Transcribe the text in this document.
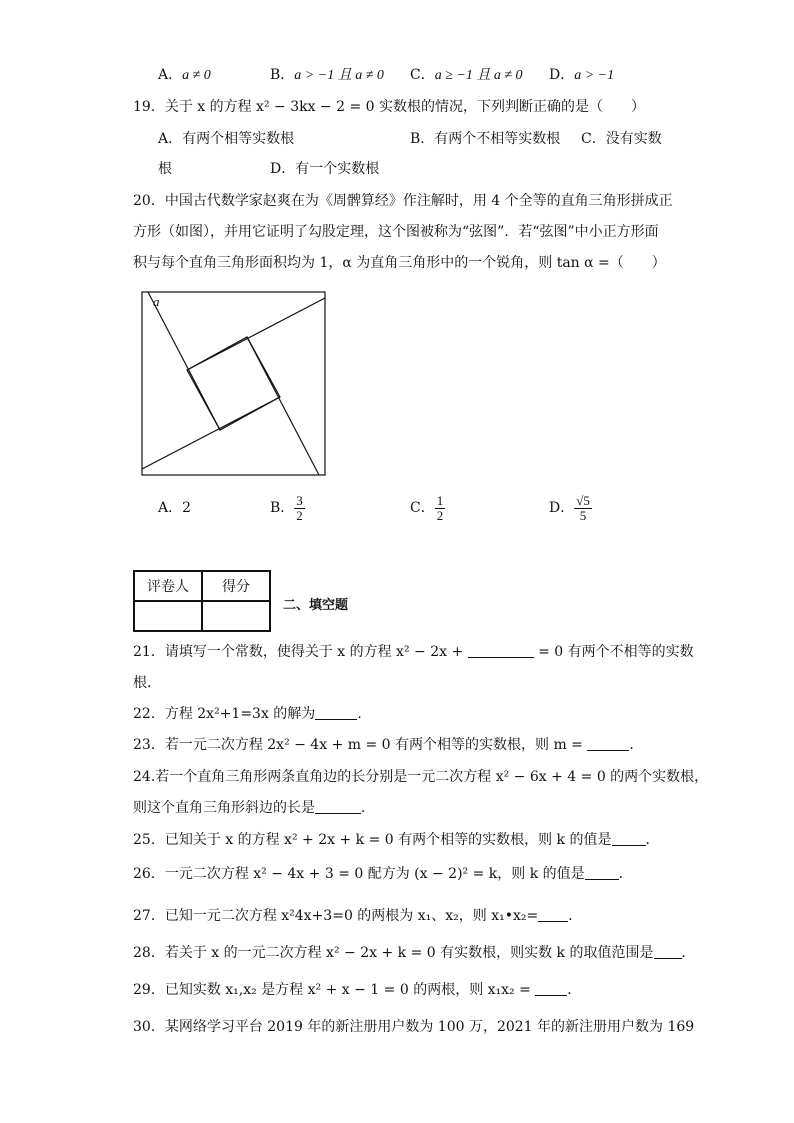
A．a ≠ 0	B．a > −1 且 a ≠ 0 C．a ≥ −1 且 a ≠ 0 D．a > −1
19．关于 x 的方程 x² − 3kx − 2 = 0 实数根的情况，下列判断正确的是（　　）
A．有两个相等实数根	B．有两个不相等实数根 C．没有实数
根	D．有一个实数根
20．中国古代数学家赵爽在为《周髀算经》作注解时，用 4 个全等的直角三角形拼成正
方形（如图），并用它证明了勾股定理，这个图被称为“弦图”．若“弦图”中小正方形面
积与每个直角三角形面积均为 1，α 为直角三角形中的一个锐角，则 tan α =（　　）
a
A．2	B． $\frac{3}{2}$	C． $\frac{1}{2}$	D． $\frac{√5}{5}$
评卷人	得分

二、填空题
21．请填写一个常数，使得关于 x 的方程 x² − 2x +	= 0 有两个不相等的实数
根．
22．方程 2x²+1=3x 的解为	．
23．若一元二次方程 2x² − 4x + m = 0 有两个相等的实数根，则 m =	．
24.若一个直角三角形两条直角边的长分别是一元二次方程 x² − 6x + 4 = 0 的两个实数根，
则这个直角三角形斜边的长是	．
25．已知关于 x 的方程 x² + 2x + k = 0 有两个相等的实数根，则 k 的值是 ．
26．一元二次方程 x² − 4x + 3 = 0 配方为 (x − 2)² = k，则 k 的值是 ．
27．已知一元二次方程 x²4x+3=0 的两根为 x₁、x₂，则 x₁•x₂= ．
28．若关于 x 的一元二次方程 x² − 2x + k = 0 有实数根，则实数 k 的取值范围是 ．
29．已知实数 x₁,x₂ 是方程 x² + x − 1 = 0 的两根，则 x₁x₂ = ．
30．某网络学习平台 2019 年的新注册用户数为 100 万，2021 年的新注册用户数为 169
